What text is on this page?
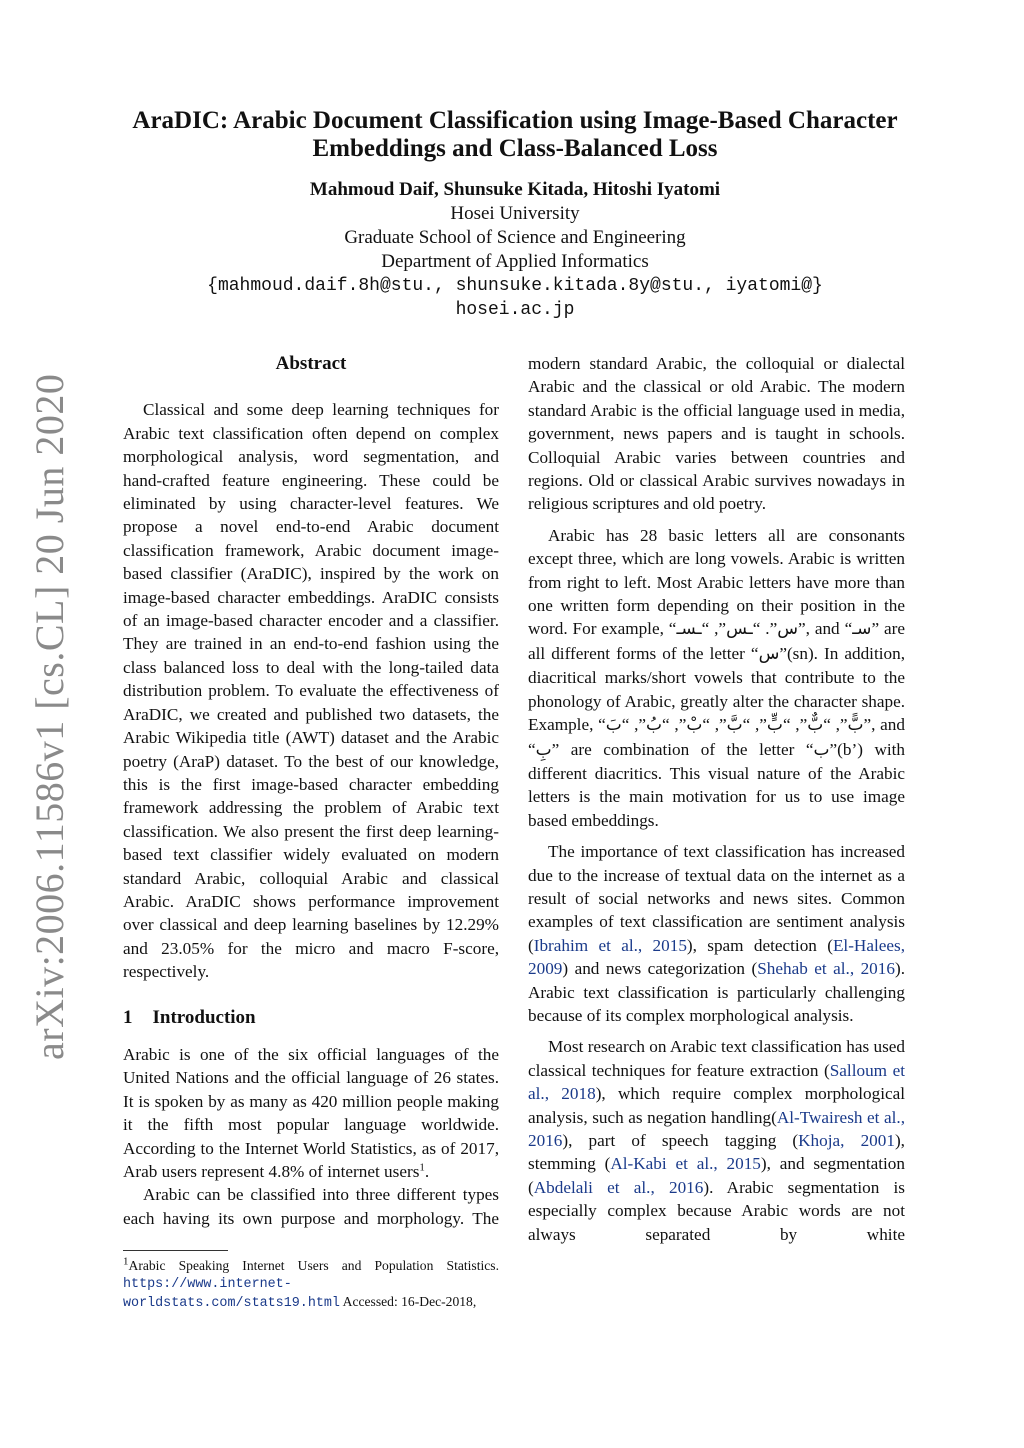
arXiv:2006.11586v1 [cs.CL] 20 Jun 2020
AraDIC: Arabic Document Classification using Image-Based Character
Embeddings and Class-Balanced Loss
Mahmoud Daif, Shunsuke Kitada, Hitoshi Iyatomi
Hosei University
Graduate School of Science and Engineering
Department of Applied Informatics
{mahmoud.daif.8h@stu., shunsuke.kitada.8y@stu., iyatomi@}
hosei.ac.jp
Abstract

Classical and some deep learning techniques for Arabic text classification often depend on complex morphological analysis, word segmentation, and hand-crafted feature engineering. These could be eliminated by using character-level features. We propose a novel end-to-end Arabic document classification framework, Arabic document image-based classifier (AraDIC), inspired by the work on image-based character embeddings. AraDIC consists of an image-based character encoder and a classifier. They are trained in an end-to-end fashion using the class balanced loss to deal with the long-tailed data distribution problem. To evaluate the effectiveness of AraDIC, we created and published two datasets, the Arabic Wikipedia title (AWT) dataset and the Arabic poetry (AraP) dataset. To the best of our knowledge, this is the first image-based character embedding framework addressing the problem of Arabic text classification. We also present the first deep learning-based text classifier widely evaluated on modern standard Arabic, colloquial Arabic and classical Arabic. AraDIC shows performance improvement over classical and deep learning baselines by 12.29% and 23.05% for the micro and macro F-score, respectively.

1 Introduction

Arabic is one of the six official languages of the United Nations and the official language of 26 states. It is spoken by as many as 420 million people making it the fifth most popular language worldwide. According to the Internet World Statistics, as of 2017, Arab users represent 4.8% of internet users$^1$.

Arabic can be classified into three different types each having its own purpose and morphology. The

$^1$Arabic Speaking Internet Users and Population Statistics. https://www.internet-worldstats.com/stats19.html Accessed: 16-Dec-2018,

modern standard Arabic, the colloquial or dialectal Arabic and the classical or old Arabic. The modern standard Arabic is the official language used in media, government, news papers and is taught in schools. Colloquial Arabic varies between countries and regions. Old or classical Arabic survives nowadays in religious scriptures and old poetry.

Arabic has 28 basic letters all are consonants except three, which are long vowels. Arabic is written from right to left. Most Arabic letters have more than one written form depending on their position in the word. For example, “	س”. “ـس”, “ـسـ	”, and “سـ” are all different forms of the letter “س”(sn). In addition, diacritical marks/short vowels that contribute to the phonology of Arabic, greatly alter the character shape. Example, “	بًّ”, “بٌّ”, “بٍّ”, “بَّ”, “بْ”, “بُ”, “بَ	”, and “بِ” are combination of the letter “ب”(b’) with different diacritics. This visual nature of the Arabic letters is the main motivation for us to use image based embeddings.

The importance of text classification has increased due to the increase of textual data on the internet as a result of social networks and news sites. Common examples of text classification are sentiment analysis (Ibrahim et al., 2015), spam detection (El-Halees, 2009) and news categorization (Shehab et al., 2016). Arabic text classification is particularly challenging because of its complex morphological analysis.

Most research on Arabic text classification has used classical techniques for feature extraction (Salloum et al., 2018), which require complex morphological analysis, such as negation handling(Al-Twairesh et al., 2016), part of speech tagging (Khoja, 2001), stemming (Al-Kabi et al., 2015), and segmentation (Abdelali et al., 2016). Arabic segmentation is especially complex because Arabic words are not always separated by white
